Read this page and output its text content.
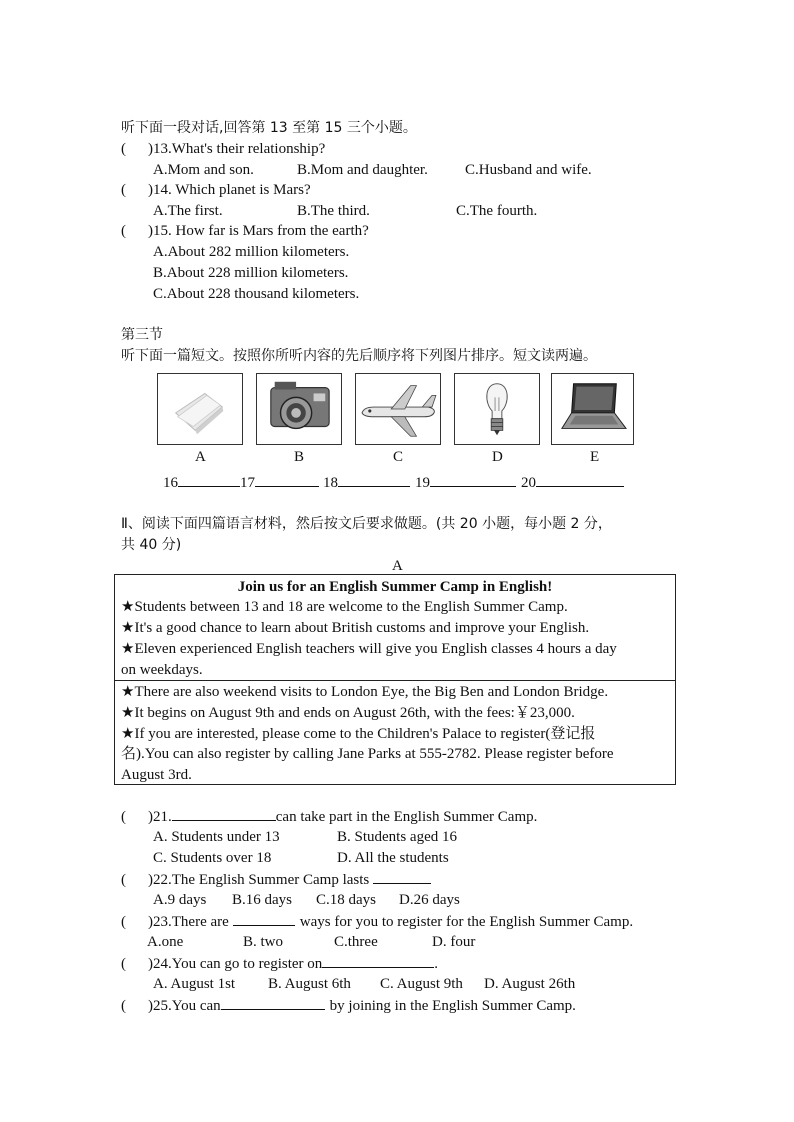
听下面一段对话,回答第 13 至第 15 三个小题。
( )13.What's their relationship?
A.Mom and son.	B.Mom and daughter. C.Husband and wife.
( )14. Which planet is Mars?
A.The first.	B.The third.	C.The fourth.
( )15. How far is Mars from the earth?
A.About 282 million kilometers.
B.About 228 million kilometers.
C.About 228 thousand kilometers.
第三节
听下面一篇短文。按照你所听内容的先后顺序将下列图片排序。短文读两遍。
A	B	C	D	E
16	17	18	19	20
Ⅱ、阅读下面四篇语言材料，然后按文后要求做题。(共 20 小题，每小题 2 分，
共 40 分)
A
Join us for an English Summer Camp in English!
★Students between 13 and 18 are welcome to the English Summer Camp.
★It's a good chance to learn about British customs and improve your English.
★Eleven experienced English teachers will give you English classes 4 hours a day
on weekdays.
★There are also weekend visits to London Eye, the Big Ben and London Bridge.
★It begins on August 9th and ends on August 26th, with the fees:￥23,000.
★If you are interested, please come to the Children's Palace to register(登记报
名).You can also register by calling Jane Parks at 555-2782. Please register before
August 3rd.
( )21.	can take part in the English Summer Camp.
A. Students under 13	B. Students aged 16
C. Students over 18	D. All the students
( )22.The English Summer Camp lasts
A.9 days B.16 days C.18 days D.26 days
( )23.There are	ways for you to register for the English Summer Camp.
A.one	B. two	C.three	D. four
( )24.You can go to register on	.
A. August 1st B. August 6th C. August 9th D. August 26th
( )25.You can	by joining in the English Summer Camp.
